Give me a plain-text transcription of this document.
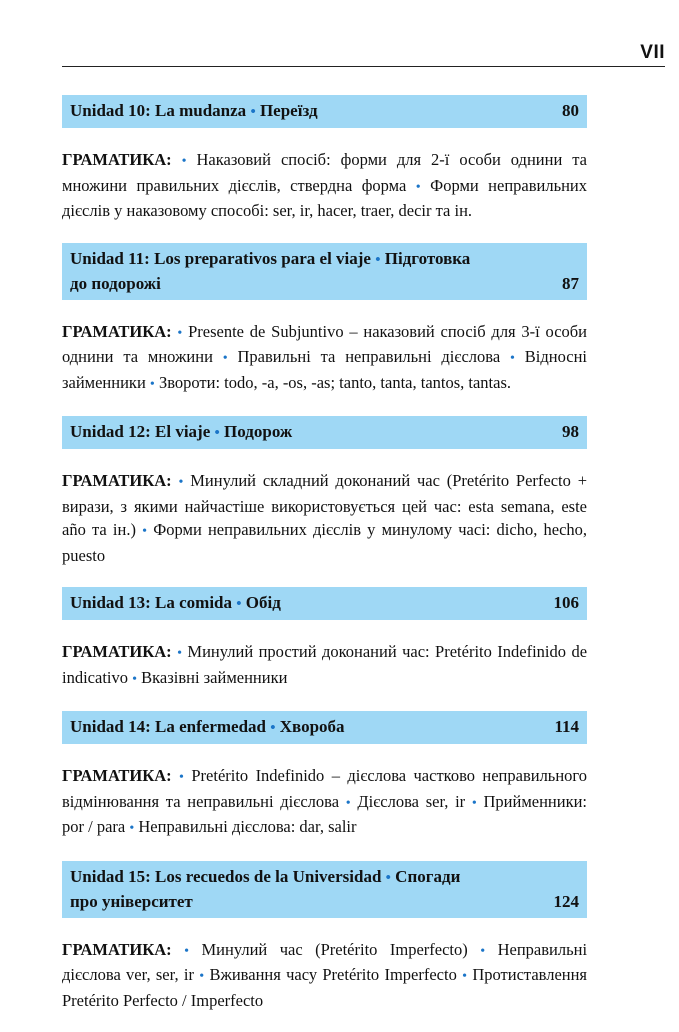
VII
Unidad 10: La mudanza • Переїзд	80
ГРАМАТИКА: • Наказовий спосіб: форми для 2-ї особи однини та множини правильних дієслів, ствердна форма • Форми неправильних дієслів у наказовому способі: ser, ir, hacer, traer, decir та ін.
Unidad 11: Los preparativos para el viaje • Підготовка
до подорожі	87
ГРАМАТИКА: • Presente de Subjuntivo – наказовий спосіб для 3-ї особи однини та множини • Правильні та неправильні дієслова • Відносні займенники • Звороти: todo, -a, -os, -as; tanto, tanta, tantos, tantas.
Unidad 12: El viaje • Подорож	98
ГРАМАТИКА: • Минулий складний доконаний час (Pretérito Perfecto + вирази, з якими найчастіше використовується цей час: esta semana, este año та ін.) • Форми неправильних дієслів у минулому часі: dicho, hecho, puesto
Unidad 13: La comida • Обід	106
ГРАМАТИКА: • Минулий простий доконаний час: Pretérito Indefinido de indicativo • Вказівні займенники
Unidad 14: La enfermedad • Хвороба	114
ГРАМАТИКА: • Pretérito Indefinido – дієслова частково неправильного відмінювання та неправильні дієслова • Дієслова ser, ir • Прийменники: por / para • Неправильні дієслова: dar, salir
Unidad 15: Los recuedos de la Universidad • Спогади
про університет	124
ГРАМАТИКА: • Минулий час (Pretérito Imperfecto) • Неправильні дієслова ver, ser, ir • Вживання часу Pretérito Imperfecto • Протиставлення Pretérito Perfecto / Imperfecto
